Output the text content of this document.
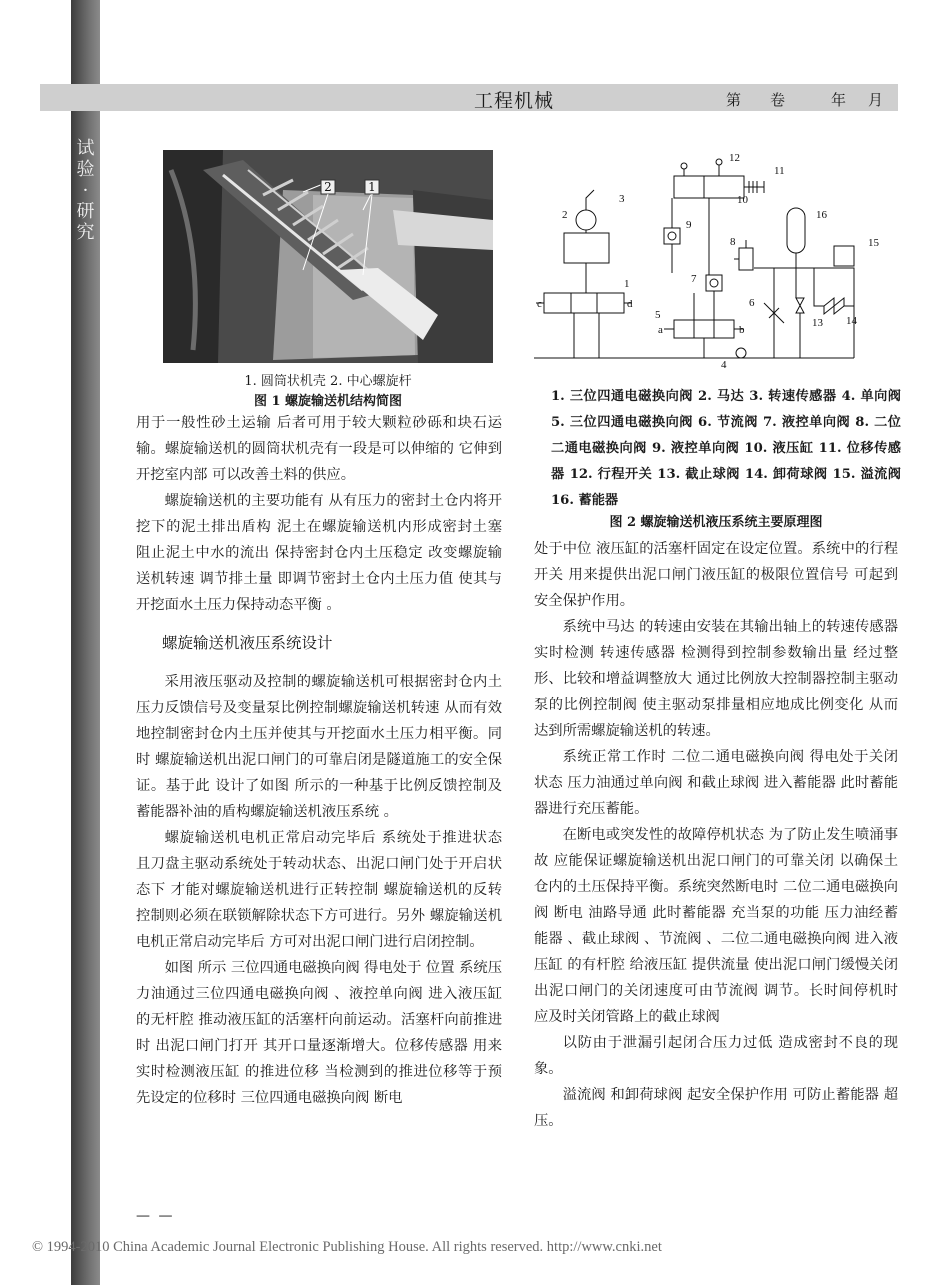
试
验
·
研
究
工程机械	第 卷	年 月
2	1
1. 圆筒状机壳 2. 中心螺旋杆
图 1 螺旋输送机结构简图
12
11
10
3
2
9
16
8	15
7
1
c	d	6
5
13 14
a	b
4
1. 三位四通电磁换向阀 2. 马达 3. 转速传感器 4. 单向阀 5. 三位四通电磁换向阀 6. 节流阀 7. 液控单向阀 8. 二位二通电磁换向阀 9. 液控单向阀 10. 液压缸 11. 位移传感器 12. 行程开关 13. 截止球阀 14. 卸荷球阀 15. 溢流阀 16. 蓄能器
图 2 螺旋输送机液压系统主要原理图

用于一般性砂土运输 后者可用于较大颗粒砂砾和块石运输。螺旋输送机的圆筒状机壳有一段是可以伸缩的 它伸到开挖室内部 可以改善土料的供应。

螺旋输送机的主要功能有 从有压力的密封土仓内将开挖下的泥土排出盾构 泥土在螺旋输送机内形成密封土塞 阻止泥土中水的流出 保持密封仓内土压稳定 改变螺旋输送机转速 调节排土量 即调节密封土仓内土压力值 使其与开挖面水土压力保持动态平衡 。

螺旋输送机液压系统设计

采用液压驱动及控制的螺旋输送机可根据密封仓内土压力反馈信号及变量泵比例控制螺旋输送机转速 从而有效地控制密封仓内土压并使其与开挖面水土压力相平衡。同时 螺旋输送机出泥口闸门的可靠启闭是隧道施工的安全保证。基于此 设计了如图 所示的一种基于比例反馈控制及蓄能器补油的盾构螺旋输送机液压系统 。

螺旋输送机电机正常启动完毕后 系统处于推进状态 且刀盘主驱动系统处于转动状态、出泥口闸门处于开启状态下 才能对螺旋输送机进行正转控制 螺旋输送机的反转控制则必须在联锁解除状态下方可进行。另外 螺旋输送机电机正常启动完毕后 方可对出泥口闸门进行启闭控制。

如图 所示 三位四通电磁换向阀 得电处于 位置 系统压力油通过三位四通电磁换向阀 、液控单向阀 进入液压缸 的无杆腔 推动液压缸的活塞杆向前运动。活塞杆向前推进时 出泥口闸门打开 其开口量逐渐增大。位移传感器 用来实时检测液压缸 的推进位移 当检测到的推进位移等于预先设定的位移时 三位四通电磁换向阀 断电

处于中位 液压缸的活塞杆固定在设定位置。系统中的行程开关 用来提供出泥口闸门液压缸的极限位置信号 可起到安全保护作用。

系统中马达 的转速由安装在其输出轴上的转速传感器 实时检测 转速传感器 检测得到控制参数输出量 经过整形、比较和增益调整放大 通过比例放大控制器控制主驱动泵的比例控制阀 使主驱动泵排量相应地成比例变化 从而达到所需螺旋输送机的转速。

系统正常工作时 二位二通电磁换向阀 得电处于关闭状态 压力油通过单向阀 和截止球阀 进入蓄能器 此时蓄能器进行充压蓄能。

在断电或突发性的故障停机状态 为了防止发生喷涌事故 应能保证螺旋输送机出泥口闸门的可靠关闭 以确保土仓内的土压保持平衡。系统突然断电时 二位二通电磁换向阀 断电 油路导通 此时蓄能器 充当泵的功能 压力油经蓄能器 、截止球阀 、节流阀 、二位二通电磁换向阀 进入液压缸 的有杆腔 给液压缸 提供流量 使出泥口闸门缓慢关闭 出泥口闸门的关闭速度可由节流阀 调节。长时间停机时 应及时关闭管路上的截止球阀

以防由于泄漏引起闭合压力过低 造成密封不良的现象。

溢流阀 和卸荷球阀 起安全保护作用 可防止蓄能器 超压。

— —
© 1994-2010 China Academic Journal Electronic Publishing House. All rights reserved. http://www.cnki.net
